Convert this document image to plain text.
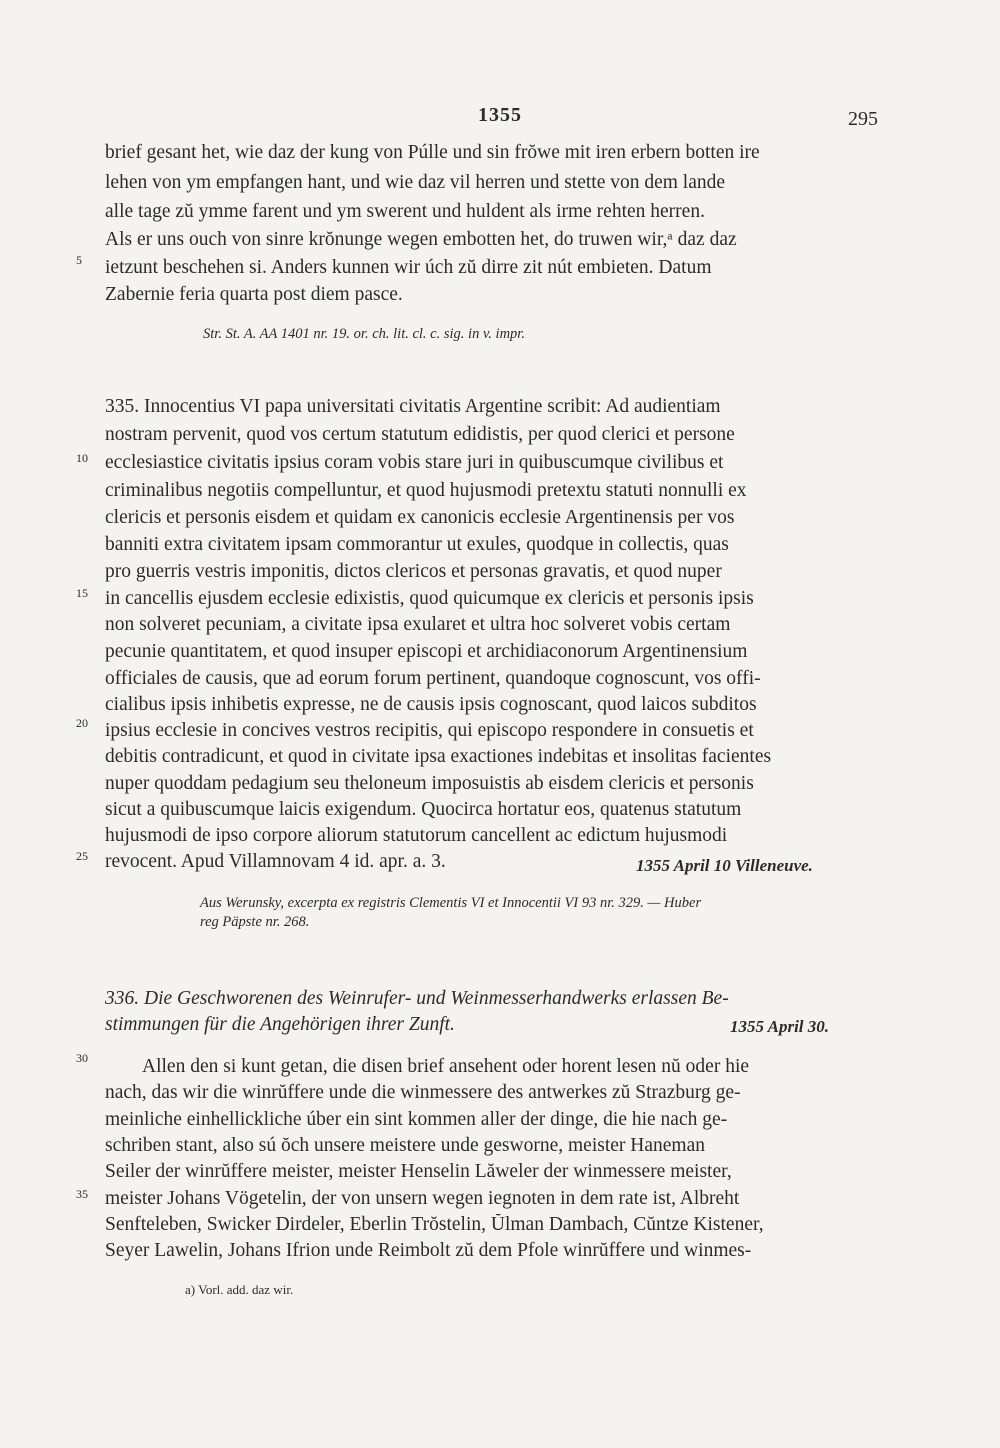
1355	295
brief gesant het, wie daz der kung von Púlle und sin frŏwe mit iren erbern botten ire
lehen von ym empfangen hant, und wie daz vil herren und stette von dem lande
alle tage zŭ ymme farent und ym swerent und huldent als irme rehten herren.
Als er uns ouch von sinre krŏnunge wegen embotten het, do truwen wir,ᵃ daz daz
ietzunt beschehen si. Anders kunnen wir úch zŭ dirre zit nút embieten. Datum
Zabernie feria quarta post diem pasce.
Str. St. A. AA 1401 nr. 19. or. ch. lit. cl. c. sig. in v. impr.
335. Innocentius VI papa universitati civitatis Argentine scribit: Ad audientiam
nostram pervenit, quod vos certum statutum edidistis, per quod clerici et persone
ecclesiastice civitatis ipsius coram vobis stare juri in quibuscumque civilibus et
criminalibus negotiis compelluntur, et quod hujusmodi pretextu statuti nonnulli ex
clericis et personis eisdem et quidam ex canonicis ecclesie Argentinensis per vos
banniti extra civitatem ipsam commorantur ut exules, quodque in collectis, quas
pro guerris vestris imponitis, dictos clericos et personas gravatis, et quod nuper
in cancellis ejusdem ecclesie edixistis, quod quicumque ex clericis et personis ipsis
non solveret pecuniam, a civitate ipsa exularet et ultra hoc solveret vobis certam
pecunie quantitatem, et quod insuper episcopi et archidiaconorum Argentinensium
officiales de causis, que ad eorum forum pertinent, quandoque cognoscunt, vos offi-
cialibus ipsis inhibetis expresse, ne de causis ipsis cognoscant, quod laicos subditos
ipsius ecclesie in concives vestros recipitis, qui episcopo respondere in consuetis et
debitis contradicunt, et quod in civitate ipsa exactiones indebitas et insolitas facientes
nuper quoddam pedagium seu theloneum imposuistis ab eisdem clericis et personis
sicut a quibuscumque laicis exigendum. Quocirca hortatur eos, quatenus statutum
hujusmodi de ipso corpore aliorum statutorum cancellent ac edictum hujusmodi
revocent. Apud Villamnovam 4 id. apr. a. 3.	1355 April 10 Villeneuve.
Aus Werunsky, excerpta ex registris Clementis VI et Innocentii VI 93 nr. 329. — Huber
reg Päpste nr. 268.
336. Die Geschworenen des Weinrufer- und Weinmesserhandwerks erlassen Be-
stimmungen für die Angehörigen ihrer Zunft.	1355 April 30.
Allen den si kunt getan, die disen brief ansehent oder horent lesen nŭ oder hie
nach, das wir die winrŭffere unde die winmessere des antwerkes zŭ Strazburg ge-
meinliche einhellickliche úber ein sint kommen aller der dinge, die hie nach ge-
schriben stant, also sú ŏch unsere meistere unde gesworne, meister Haneman
Seiler der winrŭffere meister, meister Henselin Lăweler der winmessere meister,
meister Johans Vögetelin, der von unsern wegen iegnoten in dem rate ist, Albreht
Senfteleben, Swicker Dirdeler, Eberlin Trŏstelin, Ŭlman Dambach, Cŭntze Kistener,
Seyer Lawelin, Johans Ifrion unde Reimbolt zŭ dem Pfole winrŭffere und winmes-
5
10
15
20
25
30
35
a) Vorl. add. daz wir.
